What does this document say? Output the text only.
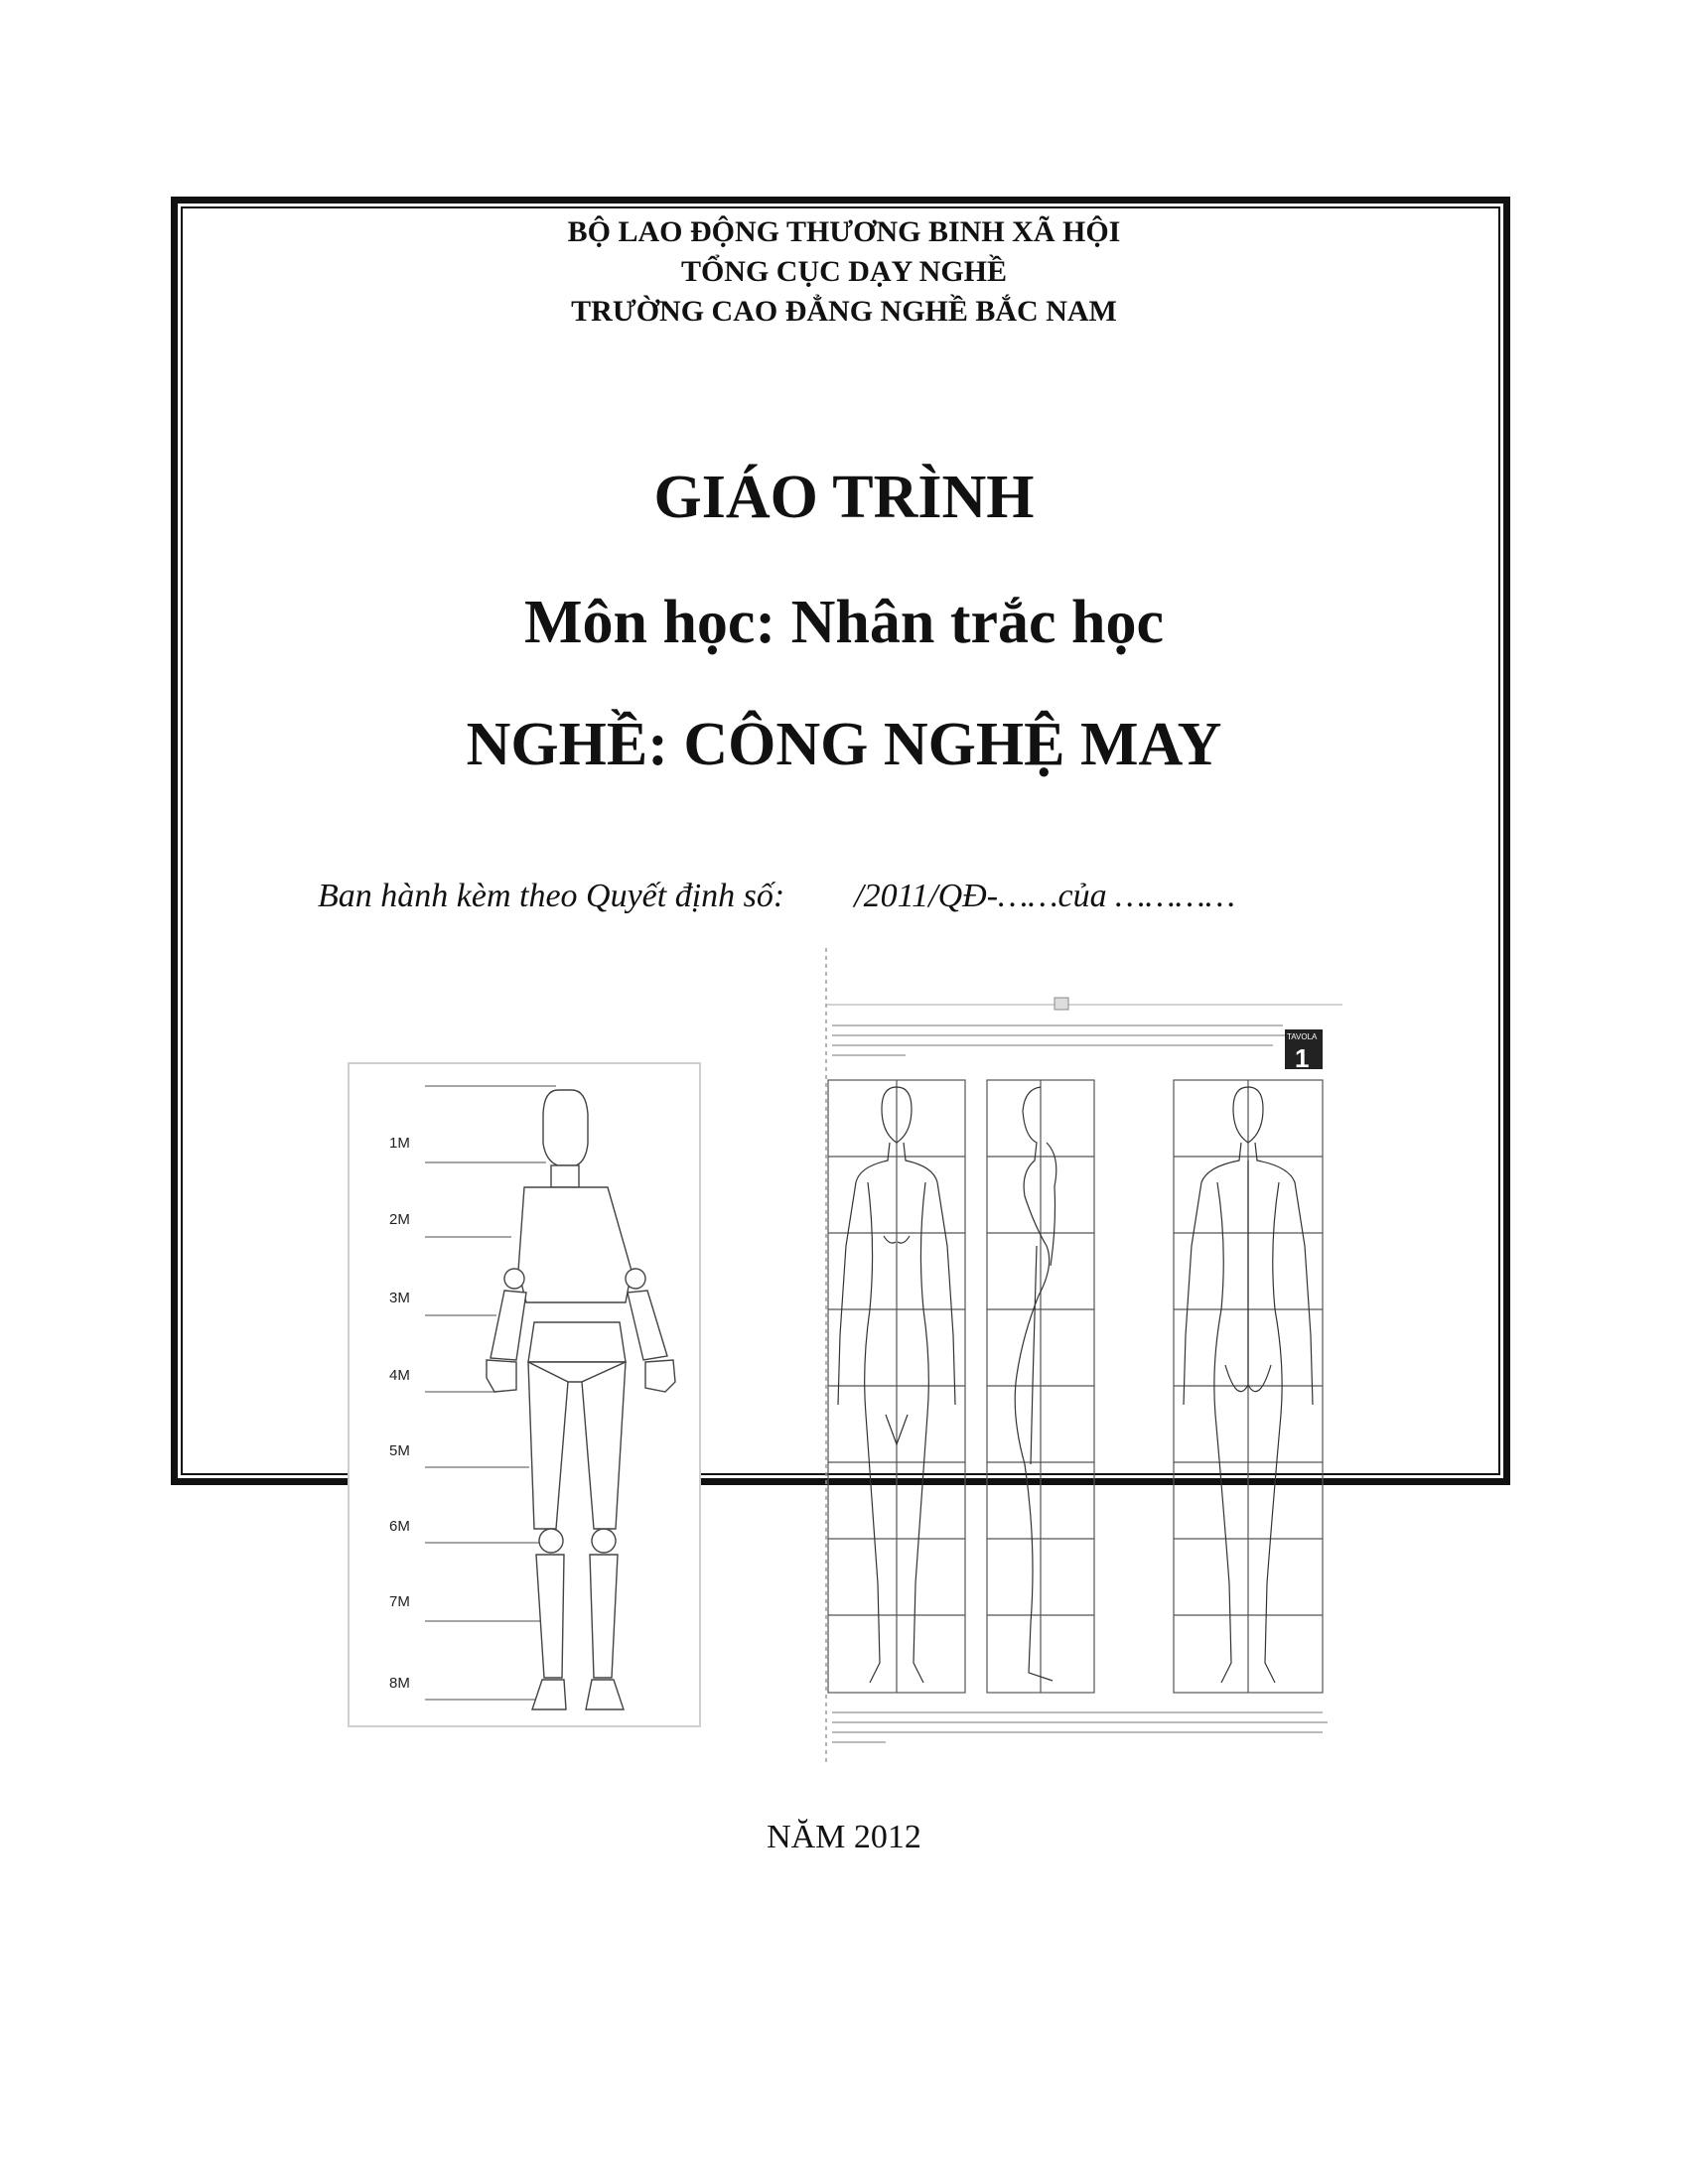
BỘ LAO ĐỘNG THƯƠNG BINH XÃ HỘI
TỔNG CỤC DẠY NGHỀ
TRƯỜNG CAO ĐẲNG NGHỀ BẮC NAM
GIÁO TRÌNH
Môn học: Nhân trắc học
NGHỀ: CÔNG NGHỆ MAY
Ban hành kèm theo Quyết định số: /2011/QĐ-……của …………
1M
2M
3M
4M
5M
6M
7M
8M
TAVOLA
1
NĂM 2012
